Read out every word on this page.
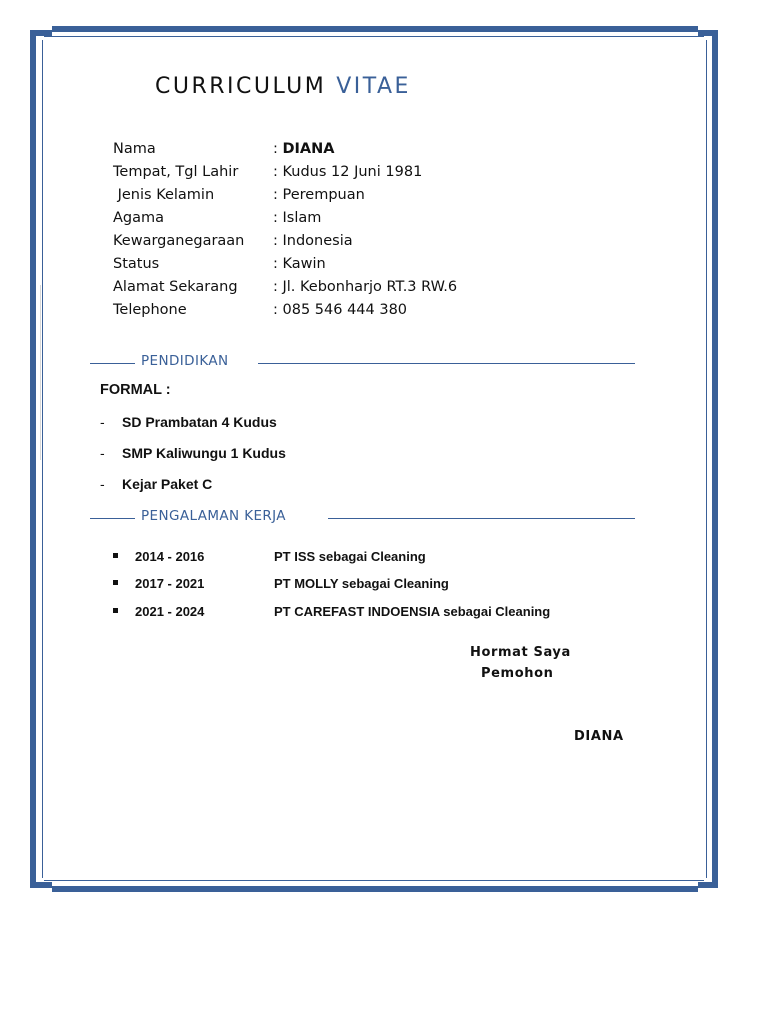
CURRICULUM VITAE
Nama	: DIANA
Tempat, Tgl Lahir	: Kudus 12 Juni 1981
Jenis Kelamin	: Perempuan
Agama	: Islam
Kewarganegaraan	: Indonesia
Status	: Kawin
Alamat Sekarang	: Jl. Kebonharjo RT.3 RW.6
Telephone	: 085 546 444 380
PENDIDIKAN
FORMAL :
- SD Prambatan 4 Kudus
- SMP Kaliwungu 1 Kudus
- Kejar Paket C
PENGALAMAN KERJA
2014 - 2016	PT ISS sebagai Cleaning
2017 - 2021	PT MOLLY sebagai Cleaning
2021 - 2024	PT CAREFAST INDOENSIA sebagai Cleaning
Hormat Saya
Pemohon
DIANA
